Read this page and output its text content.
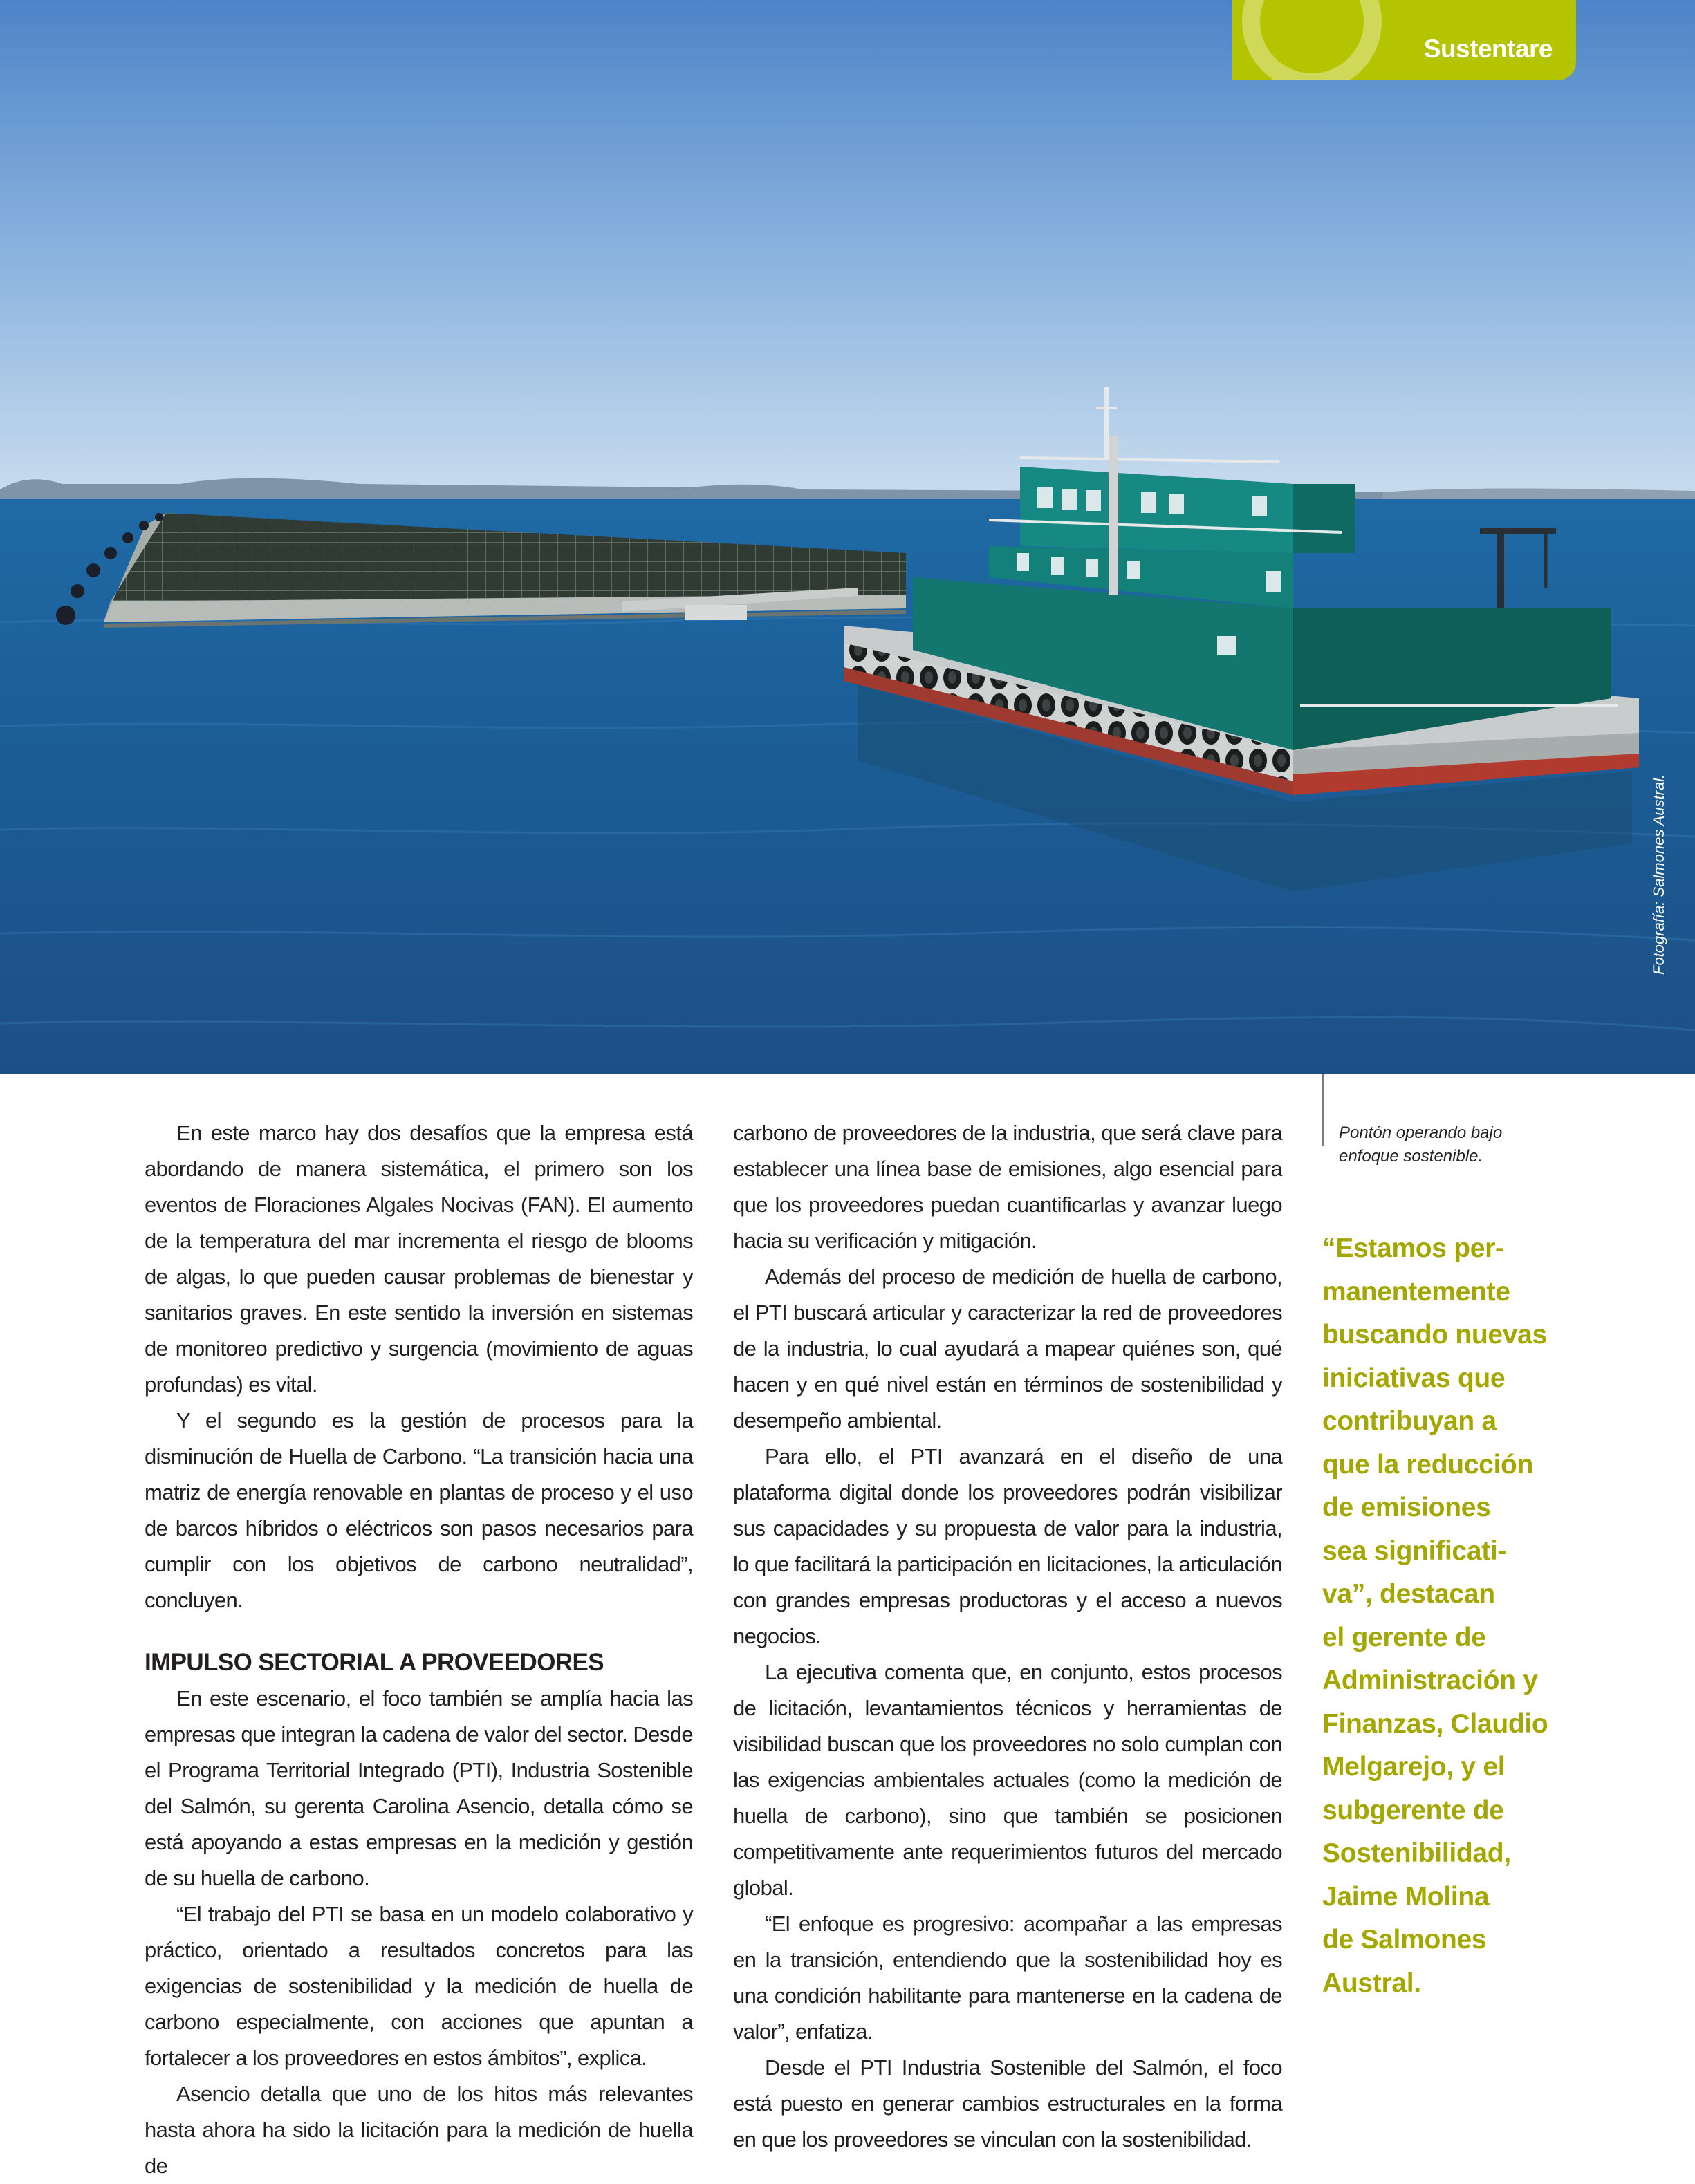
Sustentare
Fotografía: Salmones Austral.

En este marco hay dos desafíos que la empresa está abordando de manera sistemática, el primero son los eventos de Floraciones Algales Nocivas (FAN). El aumento de la temperatura del mar incrementa el riesgo de blooms de algas, lo que pueden causar problemas de bienestar y sanitarios graves. En este sentido la inversión en sistemas de monitoreo predictivo y surgencia (movimiento de aguas profundas) es vital.

Y el segundo es la gestión de procesos para la disminución de Huella de Carbono. “La transición hacia una matriz de energía renovable en plantas de proceso y el uso de barcos híbridos o eléctricos son pasos necesarios para cumplir con los objetivos de carbono neutralidad”, concluyen.

IMPULSO SECTORIAL A PROVEEDORES

En este escenario, el foco también se amplía hacia las empresas que integran la cadena de valor del sector. Desde el Programa Territorial Integrado (PTI), Industria Sostenible del Salmón, su gerenta Carolina Asencio, detalla cómo se está apoyando a estas empresas en la medición y gestión de su huella de carbono.

“El trabajo del PTI se basa en un modelo colaborativo y práctico, orientado a resultados concretos para las exigencias de sostenibilidad y la medición de huella de carbono especialmente, con acciones que apuntan a fortalecer a los proveedores en estos ámbitos”, explica.

Asencio detalla que uno de los hitos más relevantes hasta ahora ha sido la licitación para la medición de huella de

carbono de proveedores de la industria, que será clave para establecer una línea base de emisiones, algo esencial para que los proveedores puedan cuantificarlas y avanzar luego hacia su verificación y mitigación.

Además del proceso de medición de huella de carbono, el PTI buscará articular y caracterizar la red de proveedores de la industria, lo cual ayudará a mapear quiénes son, qué hacen y en qué nivel están en términos de sostenibilidad y desempeño ambiental.

Para ello, el PTI avanzará en el diseño de una plataforma digital donde los proveedores podrán visibilizar sus capacidades y su propuesta de valor para la industria, lo que facilitará la participación en licitaciones, la articulación con grandes empresas productoras y el acceso a nuevos negocios.

La ejecutiva comenta que, en conjunto, estos procesos de licitación, levantamientos técnicos y herramientas de visibilidad buscan que los proveedores no solo cumplan con las exigencias ambientales actuales (como la medición de huella de carbono), sino que también se posicionen competitivamente ante requerimientos futuros del mercado global.

“El enfoque es progresivo: acompañar a las empresas en la transición, entendiendo que la sostenibilidad hoy es una condición habilitante para mantenerse en la cadena de valor”, enfatiza.

Desde el PTI Industria Sostenible del Salmón, el foco está puesto en generar cambios estructurales en la forma en que los proveedores se vinculan con la sostenibilidad.

Pontón operando bajo enfoque sostenible.
“Estamos per-
manentemente
buscando nuevas
iniciativas que
contribuyan a
que la reducción
de emisiones
sea significati-
va”, destacan
el gerente de
Administración y
Finanzas, Claudio
Melgarejo, y el
subgerente de
Sostenibilidad,
Jaime Molina
de Salmones
Austral.
